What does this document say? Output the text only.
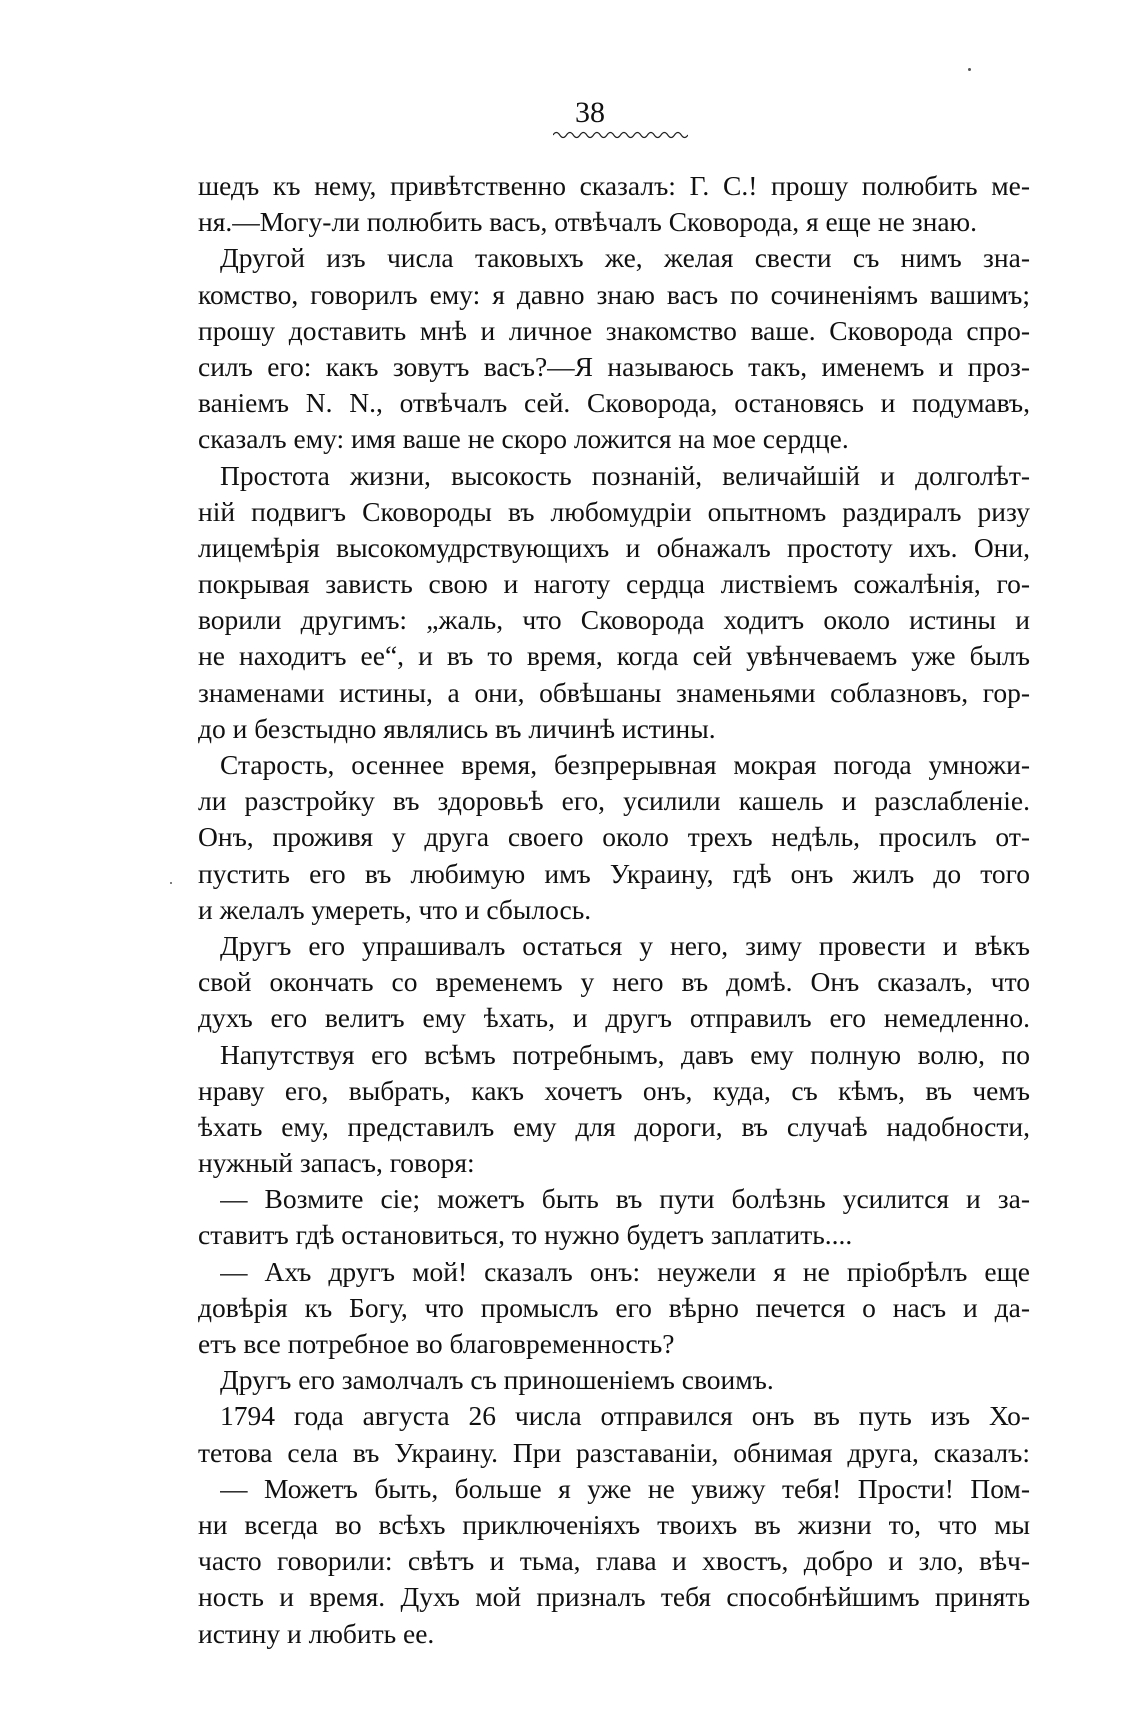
38
шедъ къ нему, привѣтственно сказалъ: Г. С.! прошу полюбить ме-
ня.—Могу-ли полюбить васъ, отвѣчалъ Сковорода, я еще не знаю.
Другой изъ числа таковыхъ же, желая свести съ нимъ зна-
комство, говорилъ ему: я давно знаю васъ по сочиненіямъ вашимъ;
прошу доставить мнѣ и личное знакомство ваше. Сковорода спро-
силъ его: какъ зовутъ васъ?—Я называюсь такъ, именемъ и проз-
ваніемъ N. N., отвѣчалъ сей. Сковорода, остановясь и подумавъ,
сказалъ ему: имя ваше не скоро ложится на мое сердце.
Простота жизни, высокость познаній, величайшій и долголѣт-
ній подвигъ Сковороды въ любомудріи опытномъ раздиралъ ризу
лицемѣрія высокомудрствующихъ и обнажалъ простоту ихъ. Они,
покрывая зависть свою и наготу сердца листвіемъ сожалѣнія, го-
ворили другимъ: „жаль, что Сковорода ходитъ около истины и
не находитъ ее“, и въ то время, когда сей увѣнчеваемъ уже былъ
знаменами истины, а они, обвѣшаны знаменьями соблазновъ, гор-
до и безстыдно являлись въ личинѣ истины.
Старость, осеннее время, безпрерывная мокрая погода умножи-
ли разстройку въ здоровьѣ его, усилили кашель и разслабленіе.
Онъ, проживя у друга своего около трехъ недѣль, просилъ от-
пустить его въ любимую имъ Украину, гдѣ онъ жилъ до того
и желалъ умереть, что и сбылось.
Другъ его упрашивалъ остаться у него, зиму провести и вѣкъ
свой окончать со временемъ у него въ домѣ. Онъ сказалъ, что
духъ его велитъ ему ѣхать, и другъ отправилъ его немедленно.
Напутствуя его всѣмъ потребнымъ, давъ ему полную волю, по
нраву его, выбрать, какъ хочетъ онъ, куда, съ кѣмъ, въ чемъ
ѣхать ему, представилъ ему для дороги, въ случаѣ надобности,
нужный запасъ, говоря:
— Возмите сіе; можетъ быть въ пути болѣзнь усилится и за-
ставитъ гдѣ остановиться, то нужно будетъ заплатить....
— Ахъ другъ мой! сказалъ онъ: неужели я не пріобрѣлъ еще
довѣрія къ Богу, что промыслъ его вѣрно печется о насъ и да-
етъ все потребное во благовременность?
Другъ его замолчалъ съ приношеніемъ своимъ.
1794 года августа 26 числа отправился онъ въ путь изъ Хо-
тетова села въ Украину. При разставаніи, обнимая друга, сказалъ:
— Можетъ быть, больше я уже не увижу тебя! Прости! Пом-
ни всегда во всѣхъ приключеніяхъ твоихъ въ жизни то, что мы
часто говорили: свѣтъ и тьма, глава и хвостъ, добро и зло, вѣч-
ность и время. Духъ мой призналъ тебя способнѣйшимъ принять
истину и любить ее.
